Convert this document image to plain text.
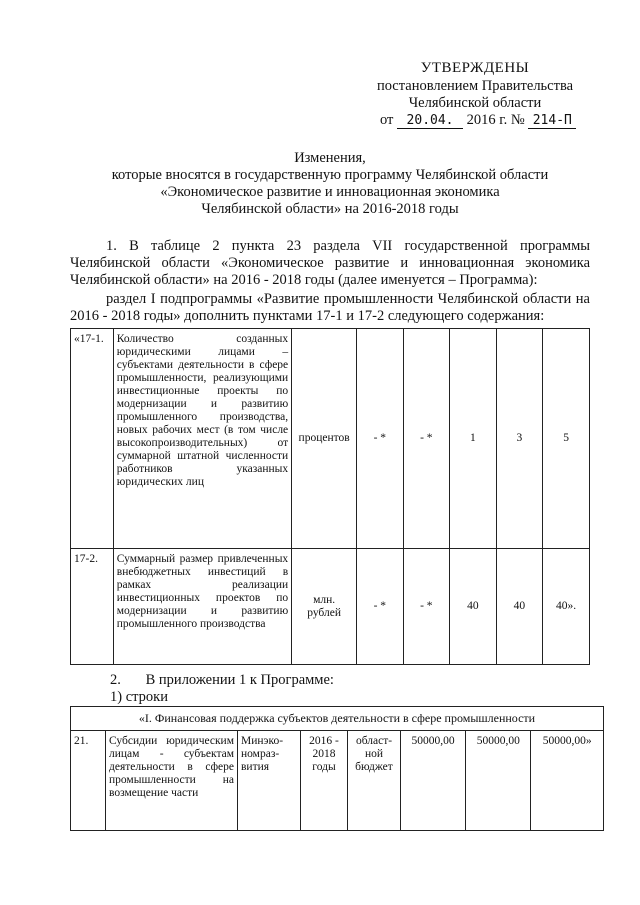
УТВЕРЖДЕНЫ
постановлением Правительства
Челябинской области
от 20.04. 2016 г. № 214-П
Изменения,
которые вносятся в государственную программу Челябинской области
«Экономическое развитие и инновационная экономика
Челябинской области» на 2016-2018 годы
1. В таблице 2 пункта 23 раздела VII государственной программы Челябинской области «Экономическое развитие и инновационная экономика Челябинской области» на 2016 - 2018 годы (далее именуется – Программа):
раздел I подпрограммы «Развитие промышленности Челябинской области на 2016 - 2018 годы» дополнить пунктами 17-1 и 17-2 следующего содержания:
«17-1.	Количество созданных юридическими лицами – субъектами деятельности в сфере промышленности, реализующими инвестиционные проекты по модернизации и развитию промышленного производства, новых рабочих мест (в том числе высокопроизводительных) от суммарной штатной численности работников указанных юридических лиц	процентов	- *	- *	1	3	5
17-2.	Суммарный размер привлеченных внебюджетных инвестиций в рамках реализации инвестиционных проектов по модернизации и развитию промышленного производства	млн. рублей	- *	- *	40	40	40».
2. В приложении 1 к Программе:
1) строки
«I. Финансовая поддержка субъектов деятельности в сфере промышленности
21.	Субсидии юридическим лицам - субъектам деятельности в сфере промышленности на возмещение части	Минэко-номраз-вития	2016 - 2018 годы	област-ной бюджет	50000,00	50000,00	50000,00»
